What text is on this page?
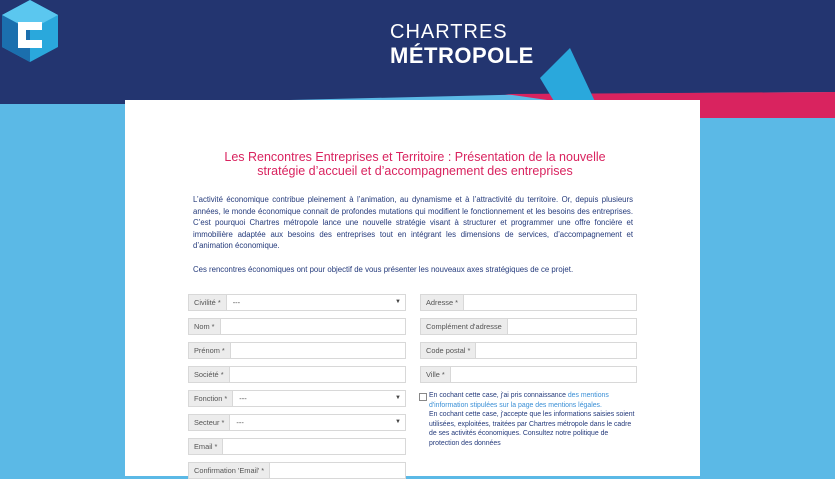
CHARTRES
MÉTROPOLE
Les Rencontres Entreprises et Territoire : Présentation de la nouvelle stratégie d’accueil et d’accompagnement des entreprises
L’activité économique contribue pleinement à l’animation, au dynamisme et à l’attractivité du territoire. Or, depuis plusieurs années, le monde économique connait de profondes mutations qui modifient le fonctionnement et les besoins des entreprises. C’est pourquoi Chartres métropole lance une nouvelle stratégie visant à structurer et programmer une offre foncière et immobilière adaptée aux besoins des entreprises tout en intégrant les dimensions de services, d’accompagnement et d’animation économique.
Ces rencontres économiques ont pour objectif de vous présenter les nouveaux axes stratégiques de ce projet.
Civilité *	---	▼
Nom *
Prénom *
Société *
Fonction *	---	▼
Secteur *	---	▼
Email *
Confirmation 'Email' *
Adresse *
Complément d'adresse
Code postal *
Ville *
En cochant cette case, j'ai pris connaissance des mentions d'information stipulées sur la page des mentions légales.
En cochant cette case, j'accepte que les informations saisies soient utilisées, exploitées, traitées par Chartres métropole dans le cadre de ses activités économiques. Consultez notre politique de protection des données
